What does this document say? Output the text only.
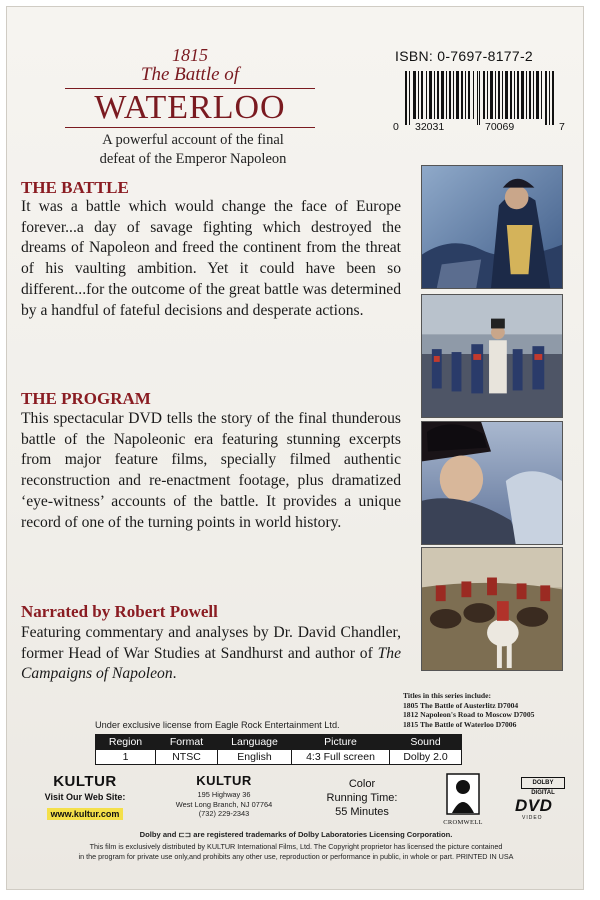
1815
The Battle of
WATERLOO
A powerful account of the final
defeat of the Emperor Napoleon
ISBN: 0-7697-8177-2
0 32031	70069	7
THE BATTLE
It was a battle which would change the face of Europe forever...a day of savage fighting which destroyed the dreams of Napoleon and freed the continent from the threat of his vaulting ambition. Yet it could have been so different...for the outcome of the great battle was determined by a handful of fateful decisions and desperate actions.
THE PROGRAM
This spectacular DVD tells the story of the final thunderous battle of the Napoleonic era featuring stunning excerpts from major feature films, specially filmed authentic reconstruction and re-enactment footage, plus dramatized ‘eye-witness’ accounts of the battle. It provides a unique record of one of the turning points in world history.
Narrated by Robert Powell
Featuring commentary and analyses by Dr. David Chandler, former Head of War Studies at Sandhurst and author of The Campaigns of Napoleon.
Titles in this series include:
1805 The Battle of Austerlitz D7004
1812 Napoleon's Road to Moscow D7005
1815 The Battle of Waterloo D7006
Under exclusive license from Eagle Rock Entertainment Ltd.
Region	Format	Language	Picture	Sound
1	NTSC	English	4:3 Full screen	Dolby 2.0
KULTUR
Visit Our Web Site:
www.kultur.com
KULTUR
195 Highway 36
West Long Branch, NJ 07764
(732) 229-2343
Color
Running Time:
55 Minutes
CROMWELL
DOLBY DIGITAL
DVD
VIDEO
Dolby and ⊏⊐ are registered trademarks of Dolby Laboratories Licensing Corporation.
This film is exclusively distributed by KULTUR International Films, Ltd. The Copyright proprietor has licensed the picture contained
in the program for private use only,and prohibits any other use, reproduction or performance in public, in whole or part. PRINTED IN USA
